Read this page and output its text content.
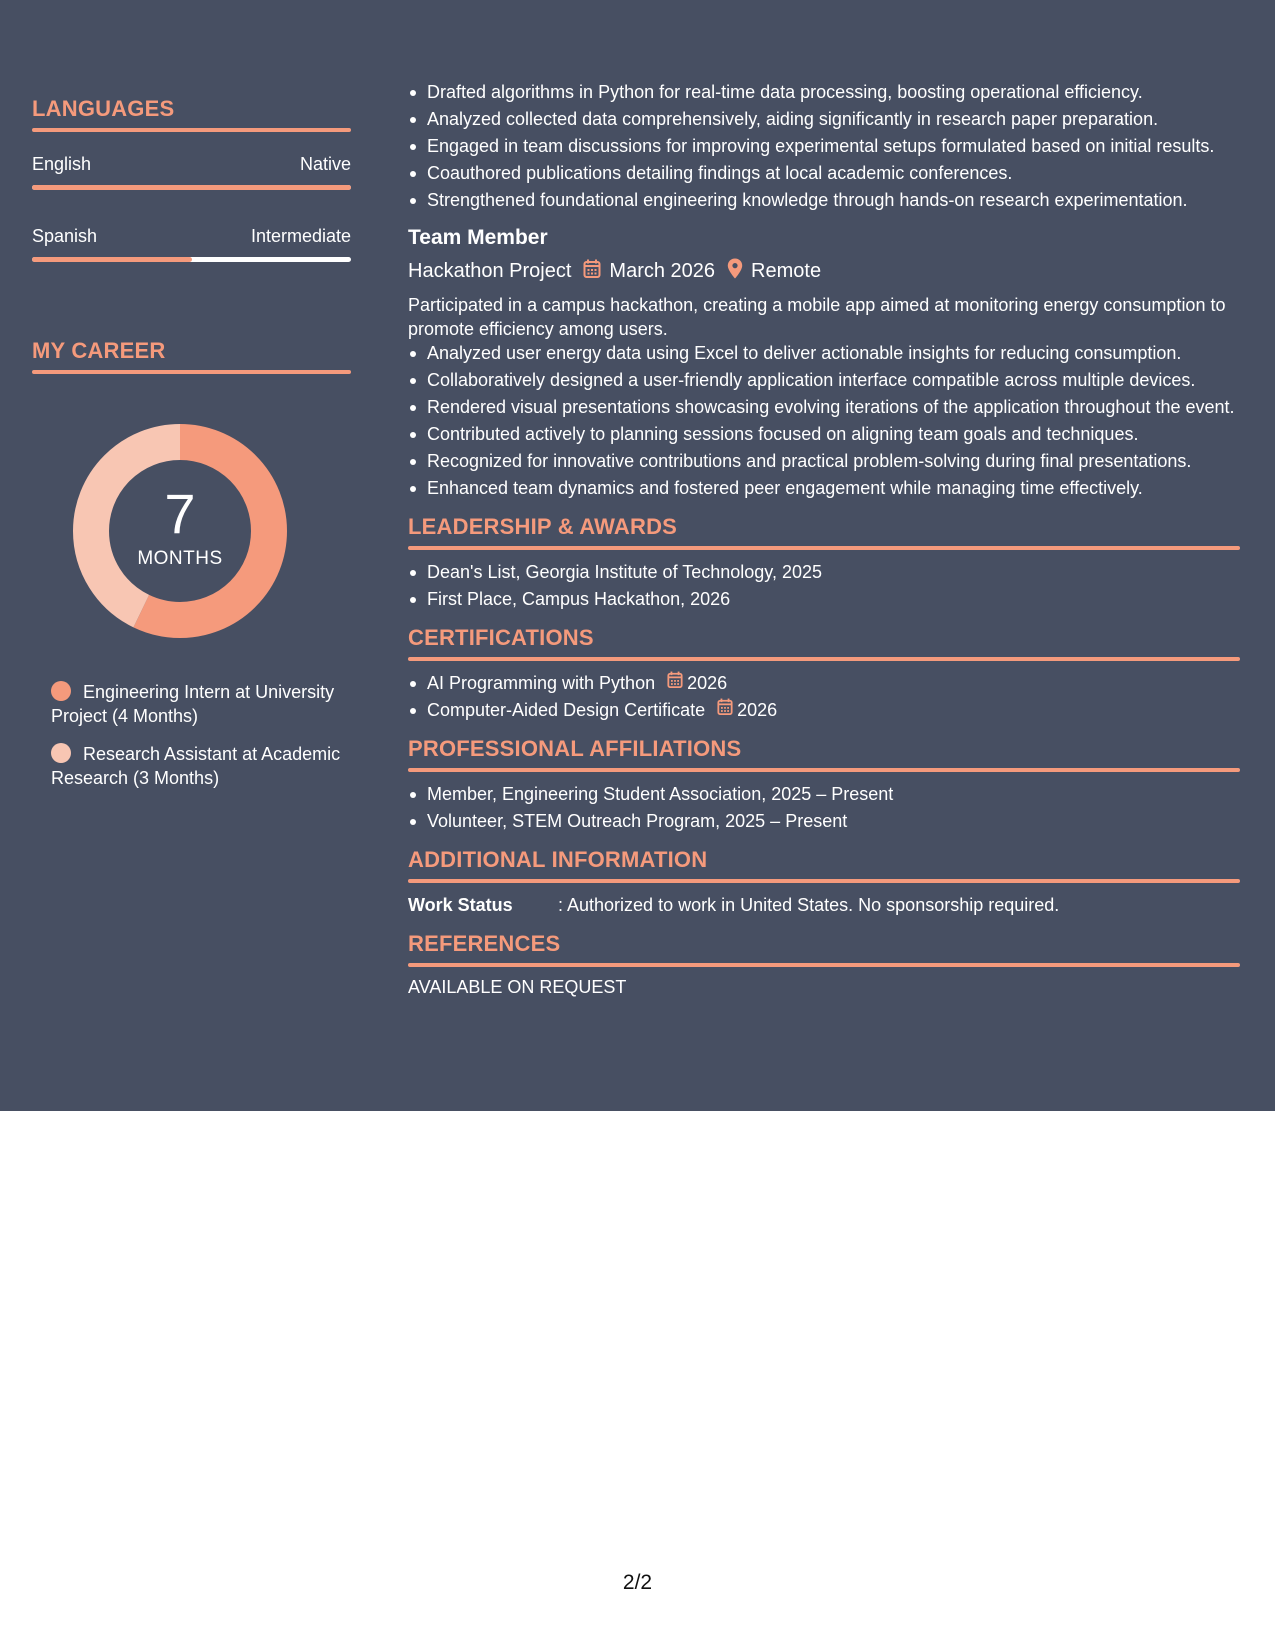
LANGUAGES
English	Native
Spanish	Intermediate
MY CAREER
7
MONTHS
Engineering Intern at University Project (4 Months)
Research Assistant at Academic Research (3 Months)
Drafted algorithms in Python for real-time data processing, boosting operational efficiency.
Analyzed collected data comprehensively, aiding significantly in research paper preparation.
Engaged in team discussions for improving experimental setups formulated based on initial results.
Coauthored publications detailing findings at local academic conferences.
Strengthened foundational engineering knowledge through hands-on research experimentation.
Team Member
Hackathon Project March 2026 Remote
Participated in a campus hackathon, creating a mobile app aimed at monitoring energy consumption to promote efficiency among users.
Analyzed user energy data using Excel to deliver actionable insights for reducing consumption.
Collaboratively designed a user-friendly application interface compatible across multiple devices.
Rendered visual presentations showcasing evolving iterations of the application throughout the event.
Contributed actively to planning sessions focused on aligning team goals and techniques.
Recognized for innovative contributions and practical problem-solving during final presentations.
Enhanced team dynamics and fostered peer engagement while managing time effectively.
LEADERSHIP & AWARDS
Dean's List, Georgia Institute of Technology, 2025
First Place, Campus Hackathon, 2026
CERTIFICATIONS
AI Programming with Python 2026
Computer-Aided Design Certificate 2026
PROFESSIONAL AFFILIATIONS
Member, Engineering Student Association, 2025 – Present
Volunteer, STEM Outreach Program, 2025 – Present
ADDITIONAL INFORMATION
Work Status	: Authorized to work in United States. No sponsorship required.
REFERENCES
AVAILABLE ON REQUEST
2/2
